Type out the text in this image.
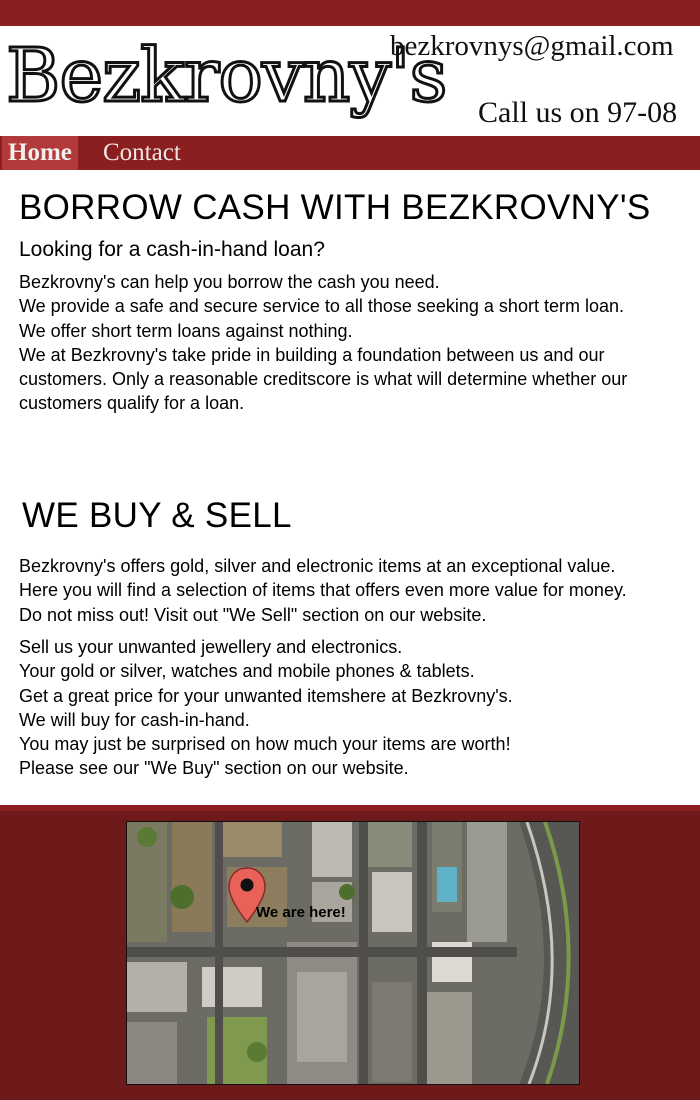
Bezkrovny's
bezkrovnys@gmail.com
Call us on 97-08
Home Contact
BORROW CASH WITH BEZKROVNY'S
Looking for a cash-in-hand loan?
Bezkrovny's can help you borrow the cash you need.
We provide a safe and secure service to all those seeking a short term loan.
We offer short term loans against nothing.
We at Bezkrovny's take pride in building a foundation between us and our
customers. Only a reasonable creditscore is what will determine whether our
customers qualify for a loan.
WE BUY & SELL
Bezkrovny's offers gold, silver and electronic items at an exceptional value.
Here you will find a selection of items that offers even more value for money.
Do not miss out! Visit out "We Sell" section on our website.
Sell us your unwanted jewellery and electronics.
Your gold or silver, watches and mobile phones & tablets.
Get a great price for your unwanted itemshere at Bezkrovny's.
We will buy for cash-in-hand.
You may just be surprised on how much your items are worth!
Please see our "We Buy" section on our website.
We are here!
